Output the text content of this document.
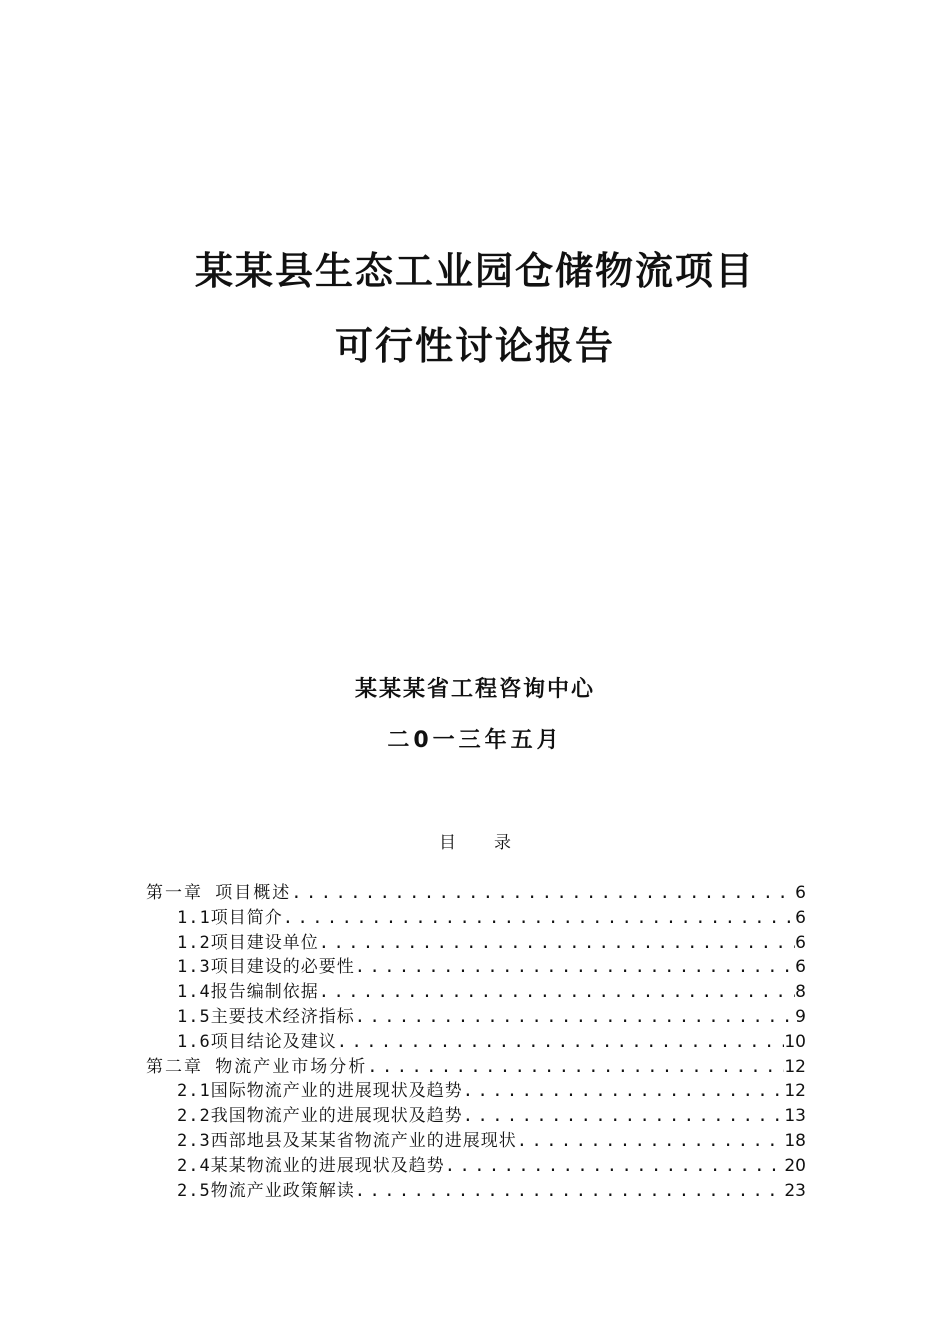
某某县生态工业园仓储物流项目
可行性讨论报告
某某某省工程咨询中心
二0一三年五月
目录
第一章 项目概述 .....	6
1.1项目简介 .....	6
1.2项目建设单位 .....	6
1.3项目建设的必要性 .....	6
1.4报告编制依据 .....	8
1.5主要技术经济指标 .....	9
1.6项目结论及建议 .....	10
第二章 物流产业市场分析 .....	12
2.1国际物流产业的进展现状及趋势 .....	12
2.2我国物流产业的进展现状及趋势 .....	13
2.3西部地县及某某省物流产业的进展现状 .....	18
2.4某某物流业的进展现状及趋势 .....	20
2.5物流产业政策解读 .....	23
